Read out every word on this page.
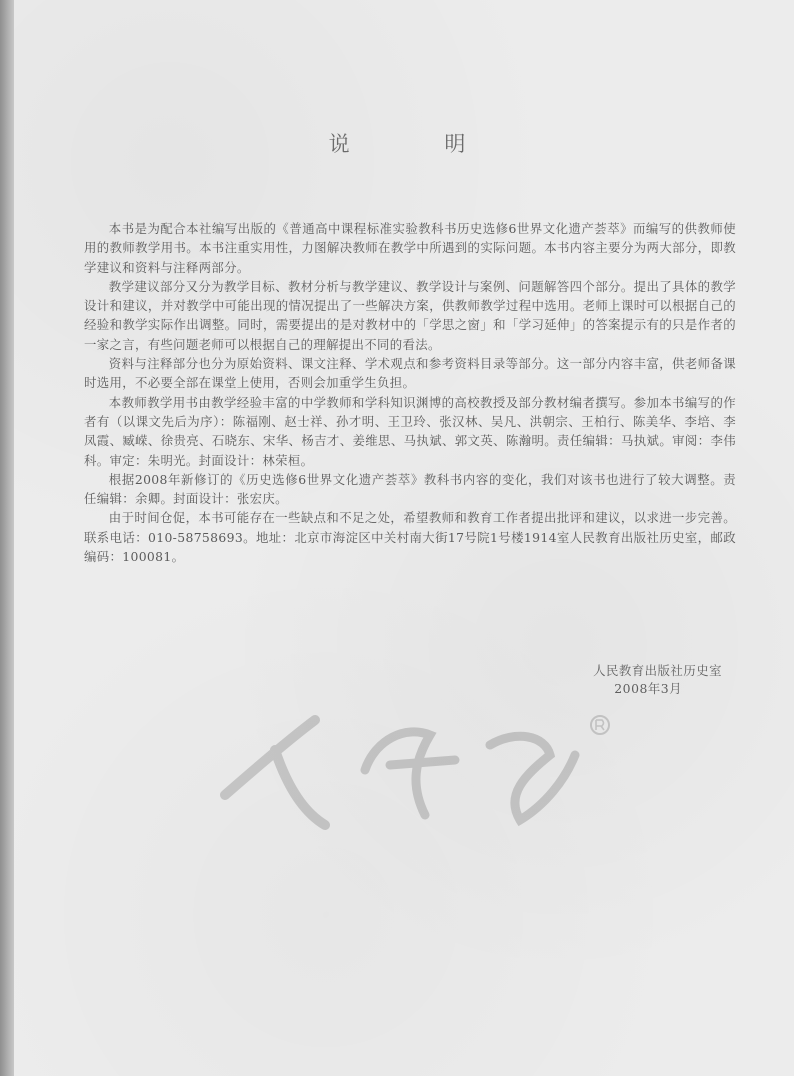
说 明

本书是为配合本社编写出版的《普通高中课程标准实验教科书历史选修6世界文化遗产荟萃》而编写的供教师使用的教师教学用书。本书注重实用性，力图解决教师在教学中所遇到的实际问题。本书内容主要分为两大部分，即教学建议和资料与注释两部分。

教学建议部分又分为教学目标、教材分析与教学建议、教学设计与案例、问题解答四个部分。提出了具体的教学设计和建议，并对教学中可能出现的情况提出了一些解决方案，供教师教学过程中选用。老师上课时可以根据自己的经验和教学实际作出调整。同时，需要提出的是对教材中的「学思之窗」和「学习延伸」的答案提示有的只是作者的一家之言，有些问题老师可以根据自己的理解提出不同的看法。

资料与注释部分也分为原始资料、课文注释、学术观点和参考资料目录等部分。这一部分内容丰富，供老师备课时选用，不必要全部在课堂上使用，否则会加重学生负担。

本教师教学用书由教学经验丰富的中学教师和学科知识渊博的高校教授及部分教材编者撰写。参加本书编写的作者有（以课文先后为序）：陈福刚、赵士祥、孙才明、王卫玲、张汉林、吴凡、洪朝宗、王柏行、陈美华、李培、李凤霞、臧嵘、徐贵亮、石晓东、宋华、杨吉才、姜维思、马执斌、郭文英、陈瀚明。责任编辑：马执斌。审阅：李伟科。审定：朱明光。封面设计：林荣桓。

根据2008年新修订的《历史选修6世界文化遗产荟萃》教科书内容的变化，我们对该书也进行了较大调整。责任编辑：余卿。封面设计：张宏庆。

由于时间仓促，本书可能存在一些缺点和不足之处，希望教师和教育工作者提出批评和建议，以求进一步完善。联系电话：010-58758693。地址：北京市海淀区中关村南大街17号院1号楼1914室人民教育出版社历史室，邮政编码：100081。

人民教育出版社历史室
2008年3月
